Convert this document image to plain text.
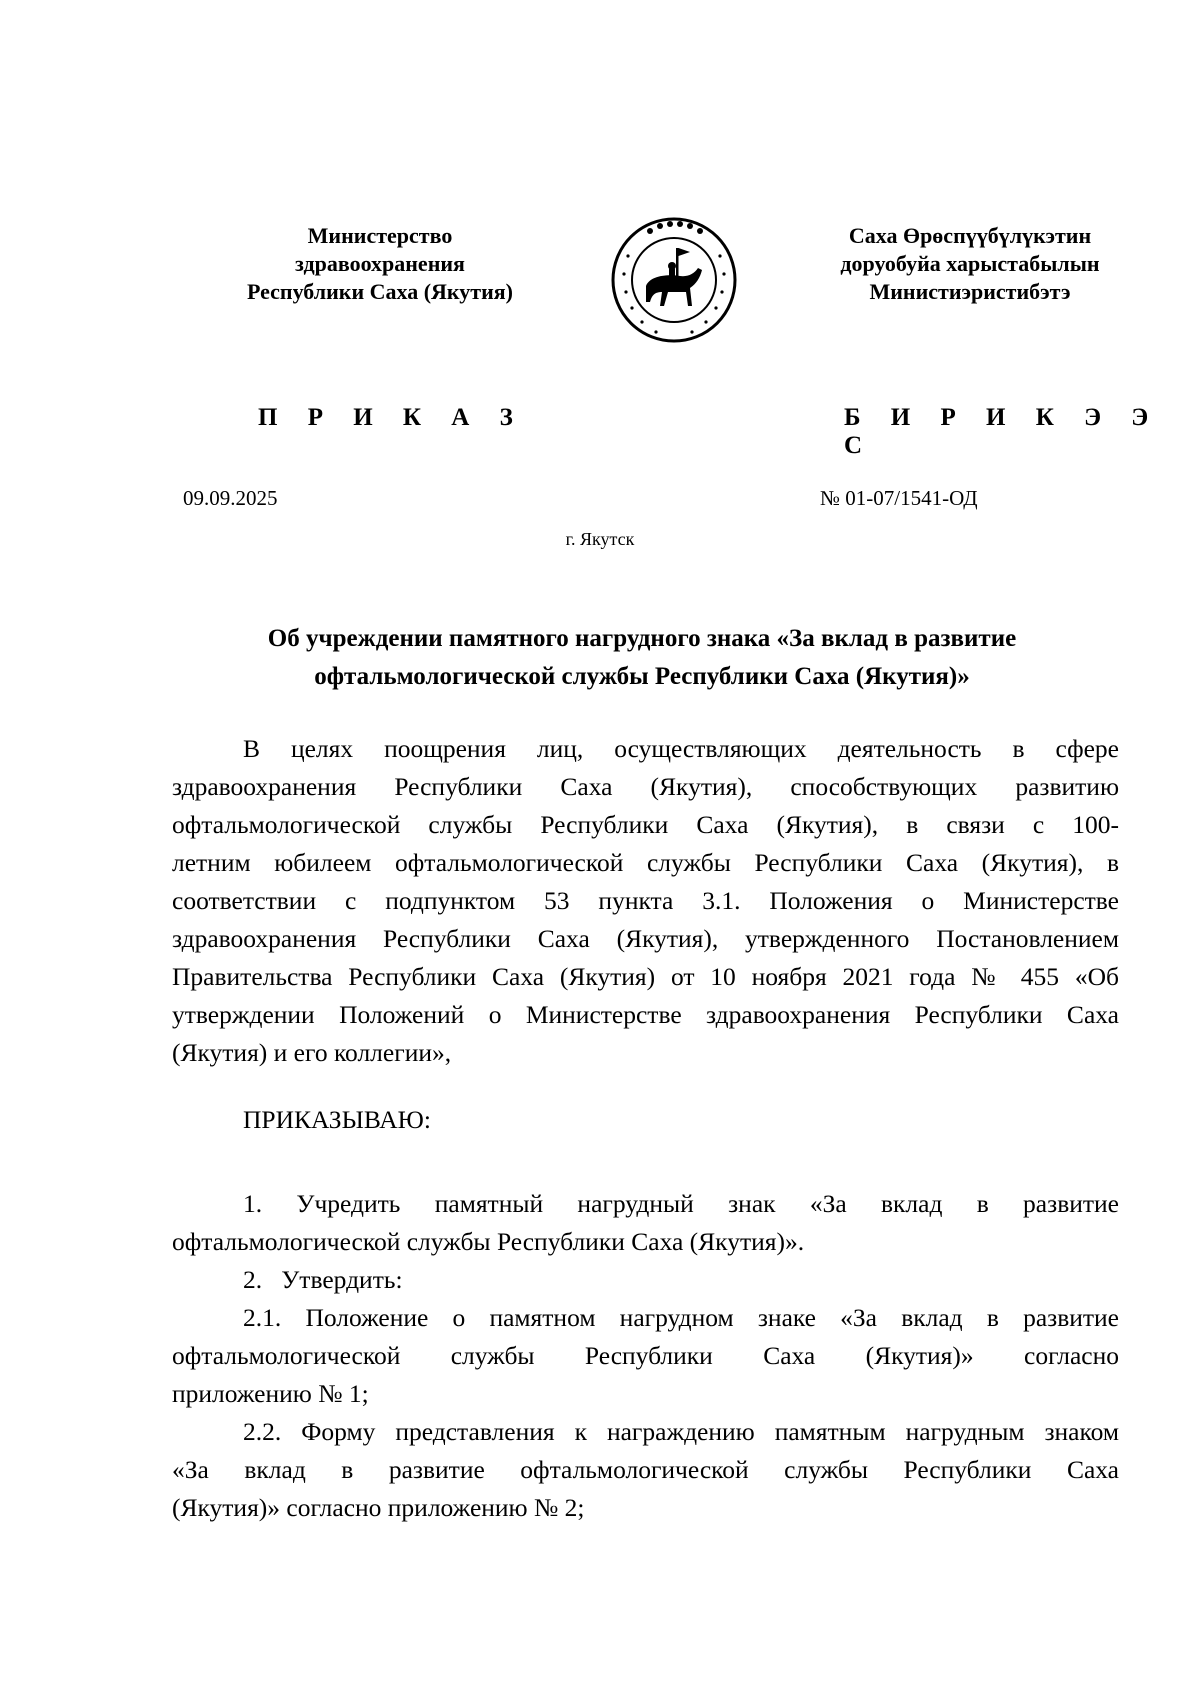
Министерство
здравоохранения
Республики Саха (Якутия)
Саха Өрөспүүбүлүкэтин
доруобуйа харыстабылын
Министиэристибэтэ
П Р И К А З	Б И Р И К Э Э С
09.09.2025	№ 01-07/1541-ОД
г. Якутск
Об учреждении памятного нагрудного знака «За вклад в развитие
офтальмологической службы Республики Саха (Якутия)»
В целях поощрения лиц, осуществляющих деятельность в сфере
здравоохранения Республики Саха (Якутия), способствующих развитию
офтальмологической службы Республики Саха (Якутия), в связи с 100-
летним юбилеем офтальмологической службы Республики Саха (Якутия), в
соответствии с подпунктом 53 пункта 3.1. Положения о Министерстве
здравоохранения Республики Саха (Якутия), утвержденного Постановлением
Правительства Республики Саха (Якутия) от 10 ноября 2021 года № 455 «Об
утверждении Положений о Министерстве здравоохранения Республики Саха
(Якутия) и его коллегии»,
ПРИКАЗЫВАЮ:
1. Учредить памятный нагрудный знак «За вклад в развитие
офтальмологической службы Республики Саха (Якутия)».
2.   Утвердить:
2.1. Положение о памятном нагрудном знаке «За вклад в развитие
офтальмологической службы Республики Саха (Якутия)» согласно
приложению № 1;
2.2. Форму представления к награждению памятным нагрудным знаком
«За вклад в развитие офтальмологической службы Республики Саха
(Якутия)» согласно приложению № 2;
